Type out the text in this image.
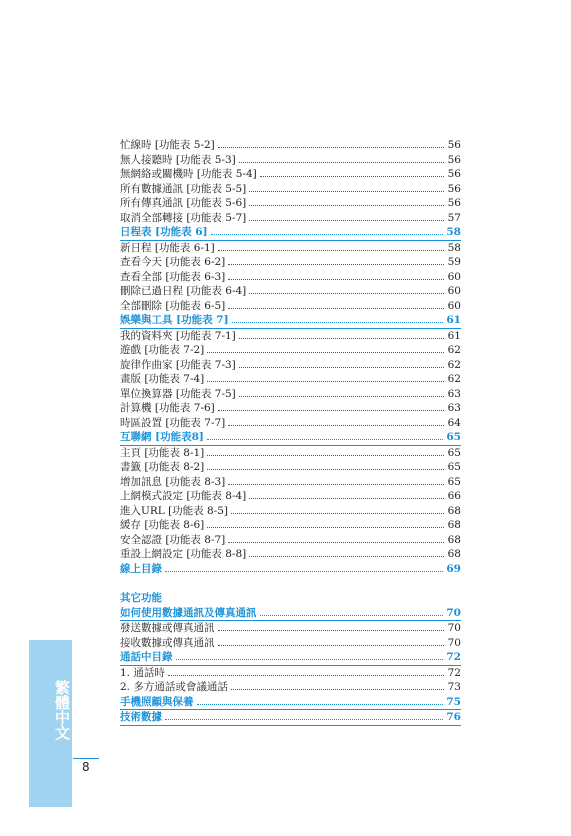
忙線時 [功能表 5-2]	56
無人接聽時 [功能表 5-3]	56
無網絡或關機時 [功能表 5-4]	56
所有數據通訊 [功能表 5-5]	56
所有傳真通訊 [功能表 5-6]	56
取消全部轉接 [功能表 5-7]	57
日程表 [功能表 6]	58
新日程 [功能表 6-1]	58
查看今天 [功能表 6-2]	59
查看全部 [功能表 6-3]	60
刪除已過日程 [功能表 6-4]	60
全部刪除 [功能表 6-5]	60
娛樂與工具 [功能表 7]	61
我的資料夾 [功能表 7-1]	61
遊戲 [功能表 7-2]	62
旋律作曲家 [功能表 7-3]	62
畫版 [功能表 7-4]	62
單位換算器 [功能表 7-5]	63
計算機 [功能表 7-6]	63
時區設置 [功能表 7-7]	64
互聯網 [功能表8]	65
主頁 [功能表 8-1]	65
書籤 [功能表 8-2]	65
增加訊息 [功能表 8-3]	65
上網模式設定 [功能表 8-4]	66
進入URL [功能表 8-5]	68
緩存 [功能表 8-6]	68
安全認證 [功能表 8-7]	68
重設上網設定 [功能表 8-8]	68
線上目錄	69
其它功能
如何使用數據通訊及傳真通訊	70
發送數據或傳真通訊	70
接收數據或傳真通訊	70
通話中目錄	72
1. 通話時	72
2. 多方通話或會議通話	73
手機照顧與保養	75
技術數據	76
繁體中文
8
